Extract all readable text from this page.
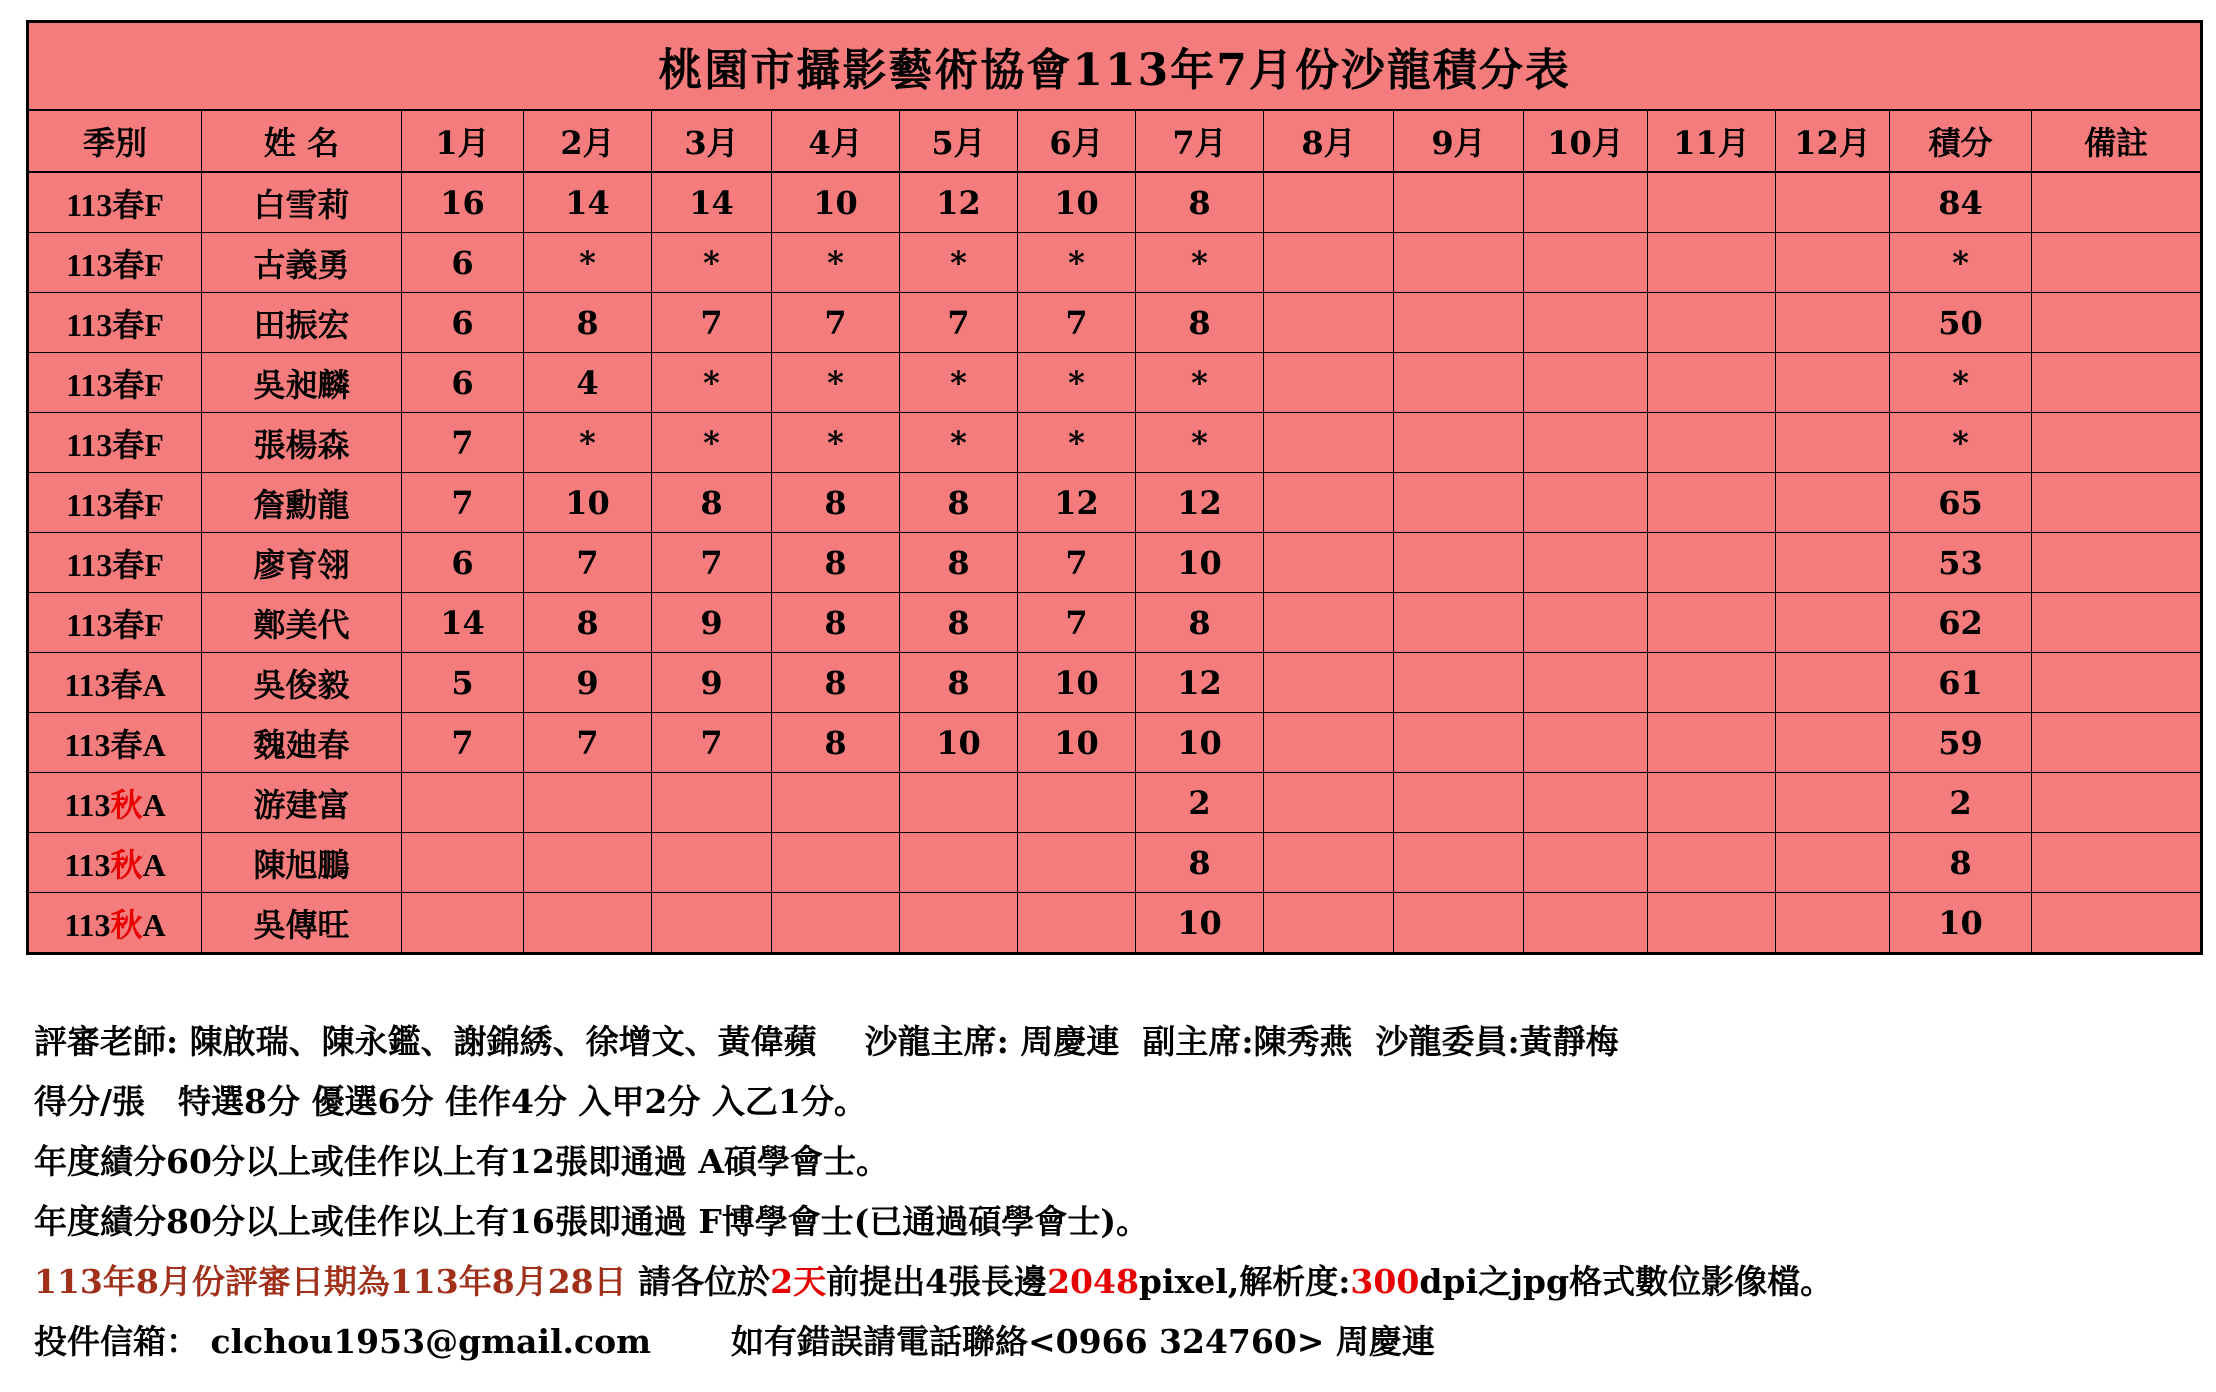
桃園市攝影藝術協會113年7月份沙龍積分表															
季別	姓 名	1月	2月	3月	4月	5月	6月	7月	8月	9月	10月	11月	12月	積分	備註
113春F	白雪莉	16	14	14	10	12	10	8						84	
113春F	古義勇	6	*	*	*	*	*	*						*	
113春F	田振宏	6	8	7	7	7	7	8						50	
113春F	吳昶麟	6	4	*	*	*	*	*						*	
113春F	張楊森	7	*	*	*	*	*	*						*	
113春F	詹勳龍	7	10	8	8	8	12	12						65	
113春F	廖育翎	6	7	7	8	8	7	10						53	
113春F	鄭美代	14	8	9	8	8	7	8						62	
113春A	吳俊毅	5	9	9	8	8	10	12						61	
113春A	魏廸春	7	7	7	8	10	10	10						59	
113秋A	游建富							2						2	
113秋A	陳旭鵬							8						8	
113秋A	吳傳旺							10						10	
評審老師: 陳啟瑞、陳永鑑、謝錦綉、徐增文、黃偉蘋 沙龍主席: 周慶連 副主席:陳秀燕 沙龍委員:黃靜梅
得分/張　特選8分 優選6分 佳作4分 入甲2分 入乙1分。
年度績分60分以上或佳作以上有12張即通過 A碩學會士。
年度績分80分以上或佳作以上有16張即通過 F博學會士(已通過碩學會士)。
113年8月份評審日期為113年8月28日 請各位於2天前提出4張長邊2048pixel,解析度:300dpi之jpg格式數位影像檔。
投件信箱： clchou1953@gmail.com 如有錯誤請電話聯絡<0966 324760> 周慶連
